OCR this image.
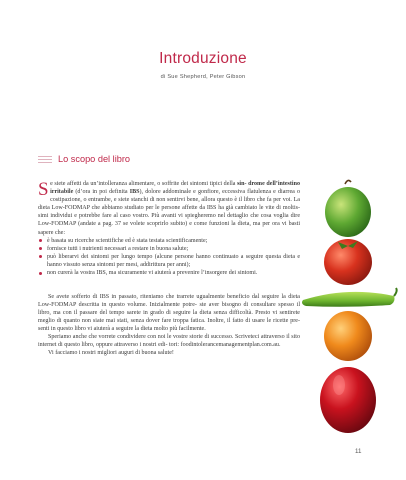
Introduzione
di Sue Shepherd, Peter Gibson
Lo scopo del libro

Se siete affetti da un’intolleranza alimentare, o soffrite dei sintomi tipici della sin- drome dell’intestino irritabile (d’ora in poi definita IBS), dolore addominale e gonfiore, eccessiva flatulenza e diarrea o costipazione, o entrambe, e siete stanchi di non sentirvi bene, allora questo è il libro che fa per voi. La dieta Low-FODMAP che abbiamo studiato per le persone affette da IBS ha già cambiato le vite di moltis- simi individui e potrebbe fare al caso vostro. Più avanti vi spiegheremo nel dettaglio che cosa voglia dire Low-FODMAP (andate a pag. 37 se volete scoprirlo subito) e come funzioni la dieta, ma per ora vi basti sapere che:

è basata su ricerche scientifiche ed è stata testata scientificamente;
fornisce tutti i nutrienti necessari a restare in buona salute;
può liberarvi dei sintomi per lungo tempo (alcune persone hanno continuato a seguire questa dieta e hanno vissuto senza sintomi per mesi, addirittura per anni);
non curerà la vostra IBS, ma sicuramente vi aiuterà a prevenire l’insorgere dei sintomi.

Se avete sofferto di IBS in passato, riteniamo che trarrete ugualmente beneficio dal seguire la dieta Low-FODMAP descritta in questo volume. Inizialmente potre- ste aver bisogno di consultare spesso il libro, ma con il passare del tempo sarete in grado di seguire la dieta senza difficoltà. Presto vi sentirete meglio di quanto non siate mai stati, senza dover fare troppa fatica. Inoltre, il fatto di usare le ricette pre- senti in questo libro vi aiuterà a seguire la dieta molto più facilmente.

Speriamo anche che vorrete condividere con noi le vostre storie di successo. Scriveteci attraverso il sito internet di questo libro, oppure attraverso i nostri edi- tori: foodintolerancemanagementplan.com.au.

Vi facciamo i nostri migliori auguri di buona salute!

11
